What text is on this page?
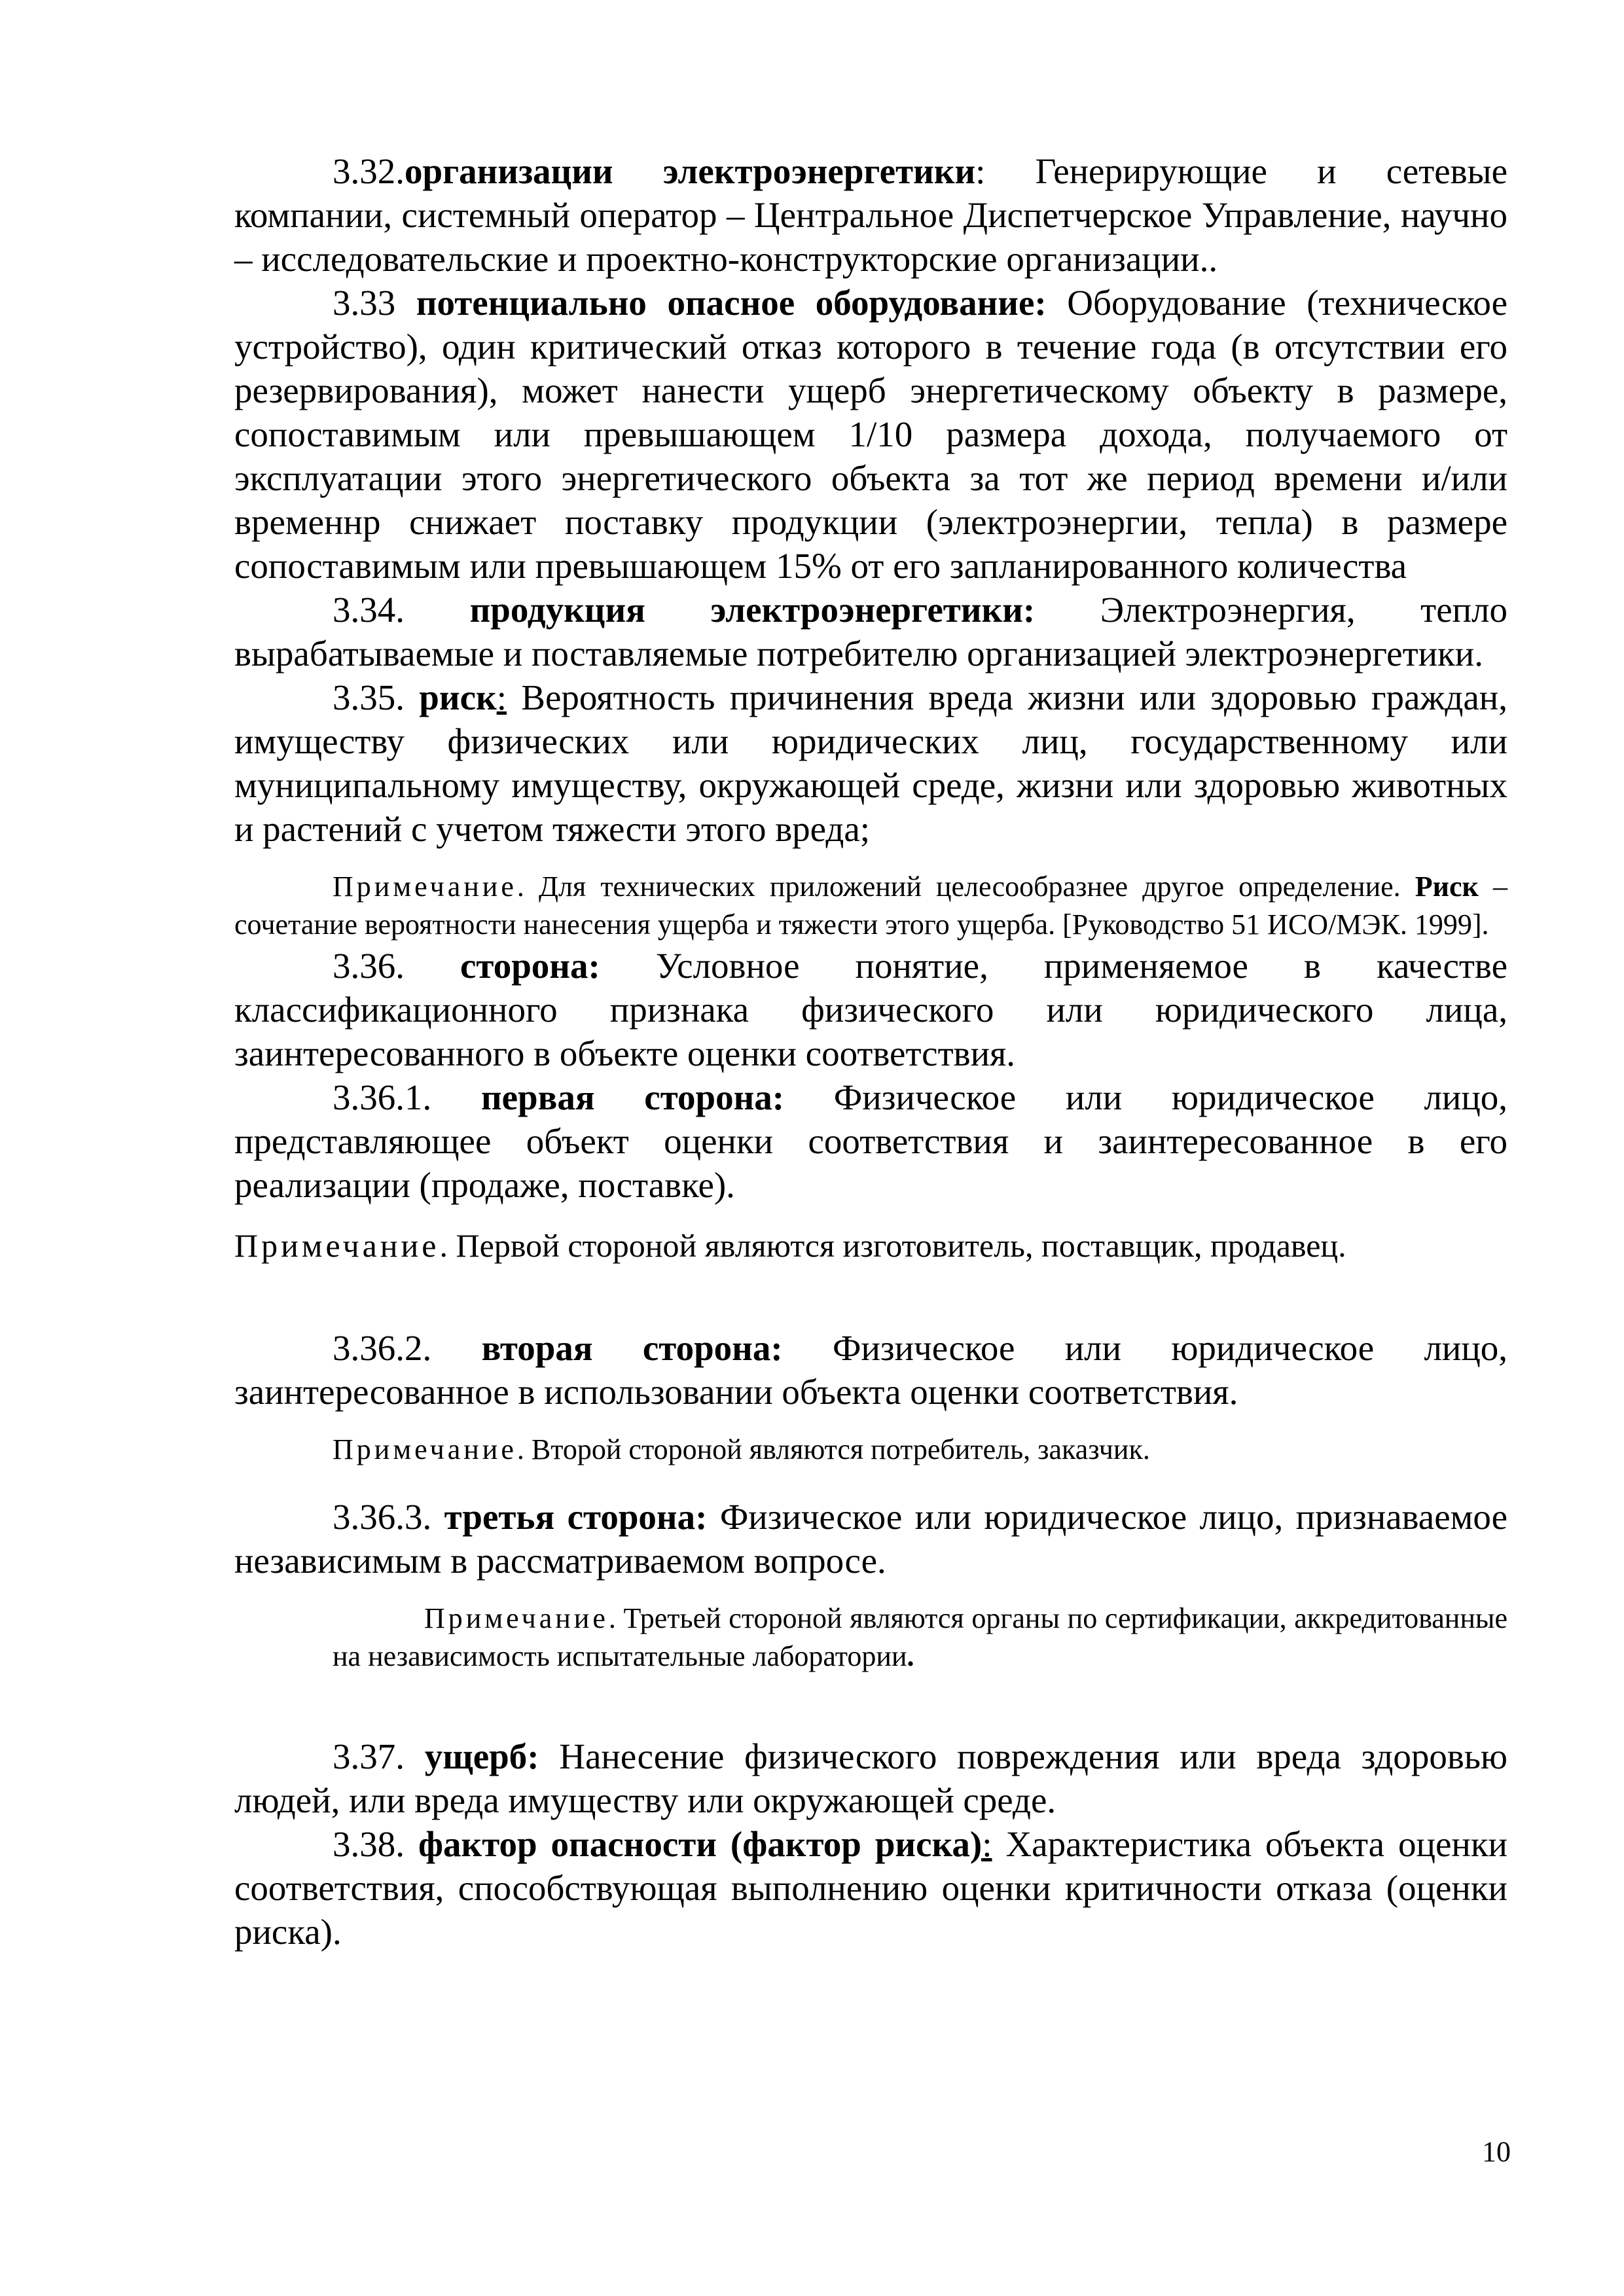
3.32.организации электроэнергетики: Генерирующие и сетевые компании, системный оператор – Центральное Диспетчерское Управление, научно – исследовательские и проектно-конструкторские организации..

3.33 потенциально опасное оборудование: Оборудование (техническое устройство), один критический отказ которого в течение года (в отсутствии его резервирования), может нанести ущерб энергетическому объекту в размере, сопоставимым или превышающем 1/10 размера дохода, получаемого от эксплуатации этого энергетического объекта за тот же период времени и/или временнр снижает поставку продукции (электроэнергии, тепла) в размере сопоставимым или превышающем 15% от его запланированного количества

3.34. продукция электроэнергетики: Электроэнергия, тепло вырабатываемые и поставляемые потребителю организацией электроэнергетики.

3.35. риск: Вероятность причинения вреда жизни или здоровью граждан, имуществу физических или юридических лиц, государственному или муниципальному имуществу, окружающей среде, жизни или здоровью животных и растений с учетом тяжести этого вреда;

Примечание. Для технических приложений целесообразнее другое определение. Риск – сочетание вероятности нанесения ущерба и тяжести этого ущерба. [Руководство 51 ИСО/МЭК. 1999].

3.36. сторона: Условное понятие, применяемое в качестве классификационного признака физического или юридического лица, заинтересованного в объекте оценки соответствия.

3.36.1. первая сторона: Физическое или юридическое лицо, представляющее объект оценки соответствия и заинтересованное в его реализации (продаже, поставке).

Примечание. Первой стороной являются изготовитель, поставщик, продавец.

3.36.2. вторая сторона: Физическое или юридическое лицо, заинтересованное в использовании объекта оценки соответствия.

Примечание. Второй стороной являются потребитель, заказчик.

3.36.3. третья сторона: Физическое или юридическое лицо, признаваемое независимым в рассматриваемом вопросе.

Примечание. Третьей стороной являются органы по сертификации, аккредитованные на независимость испытательные лаборатории.

3.37. ущерб: Нанесение физического повреждения или вреда здоровью людей, или вреда имуществу или окружающей среде.

3.38. фактор опасности (фактор риска): Характеристика объекта оценки соответствия, способствующая выполнению оценки критичности отказа (оценки риска).

10
